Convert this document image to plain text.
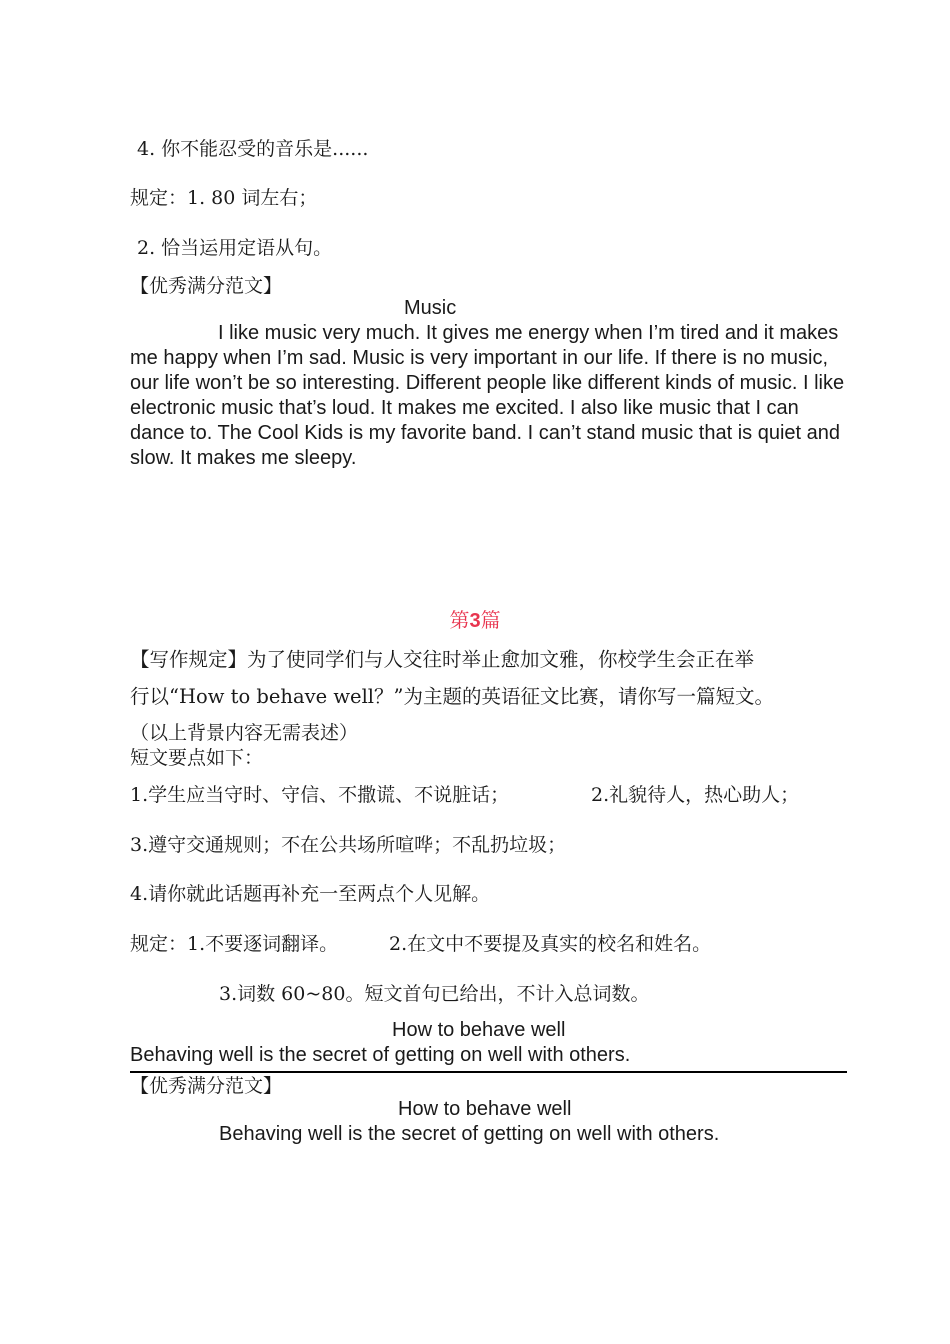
4. 你不能忍受的音乐是......
规定：1. 80 词左右；
2. 恰当运用定语从句。
【优秀满分范文】
Music
I like music very much. It gives me energy when I’m tired and it makes me happy when I’m sad. Music is very important in our life. If there is no music, our life won’t be so interesting. Different people like different kinds of music. I like electronic music that’s loud. It makes me excited. I also like music that I can dance to. The Cool Kids is my favorite band. I can’t stand music that is quiet and slow. It makes me sleepy.
第3篇
【写作规定】为了使同学们与人交往时举止愈加文雅，你校学生会正在举
行以“How to behave well？”为主题的英语征文比赛，请你写一篇短文。
（以上背景内容无需表述）
短文要点如下：
1.学生应当守时、守信、不撒谎、不说脏话；	2.礼貌待人，热心助人；
3.遵守交通规则；不在公共场所喧哗；不乱扔垃圾；
4.请你就此话题再补充一至两点个人见解。
规定：1.不要逐词翻译。	2.在文中不要提及真实的校名和姓名。
3.词数 60~80。短文首句已给出，不计入总词数。
How to behave well
Behaving well is the secret of getting on well with others.
【优秀满分范文】
How to behave well
Behaving well is the secret of getting on well with others.
